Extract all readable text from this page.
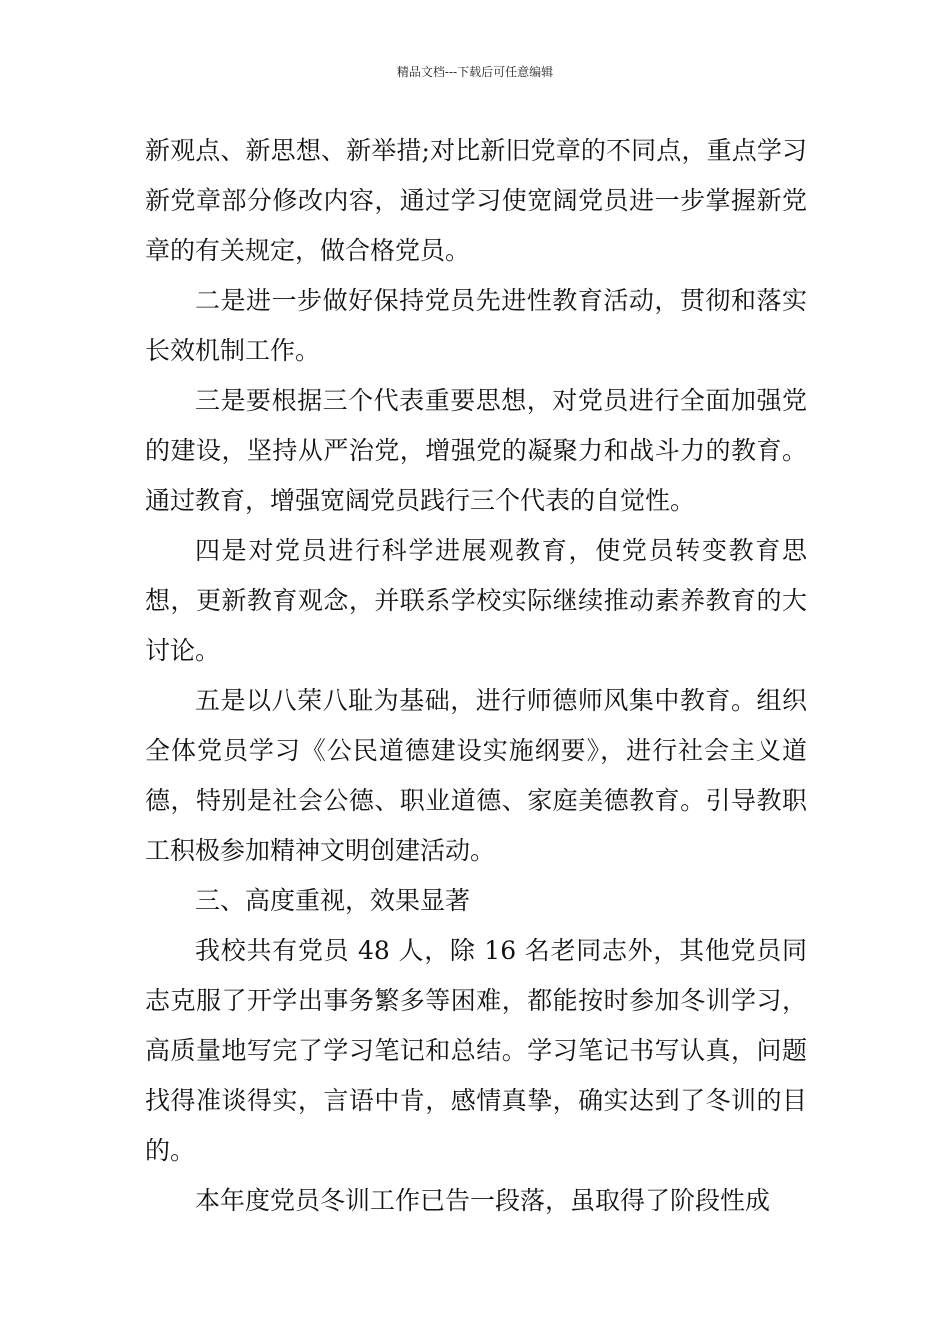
精品文档---下载后可任意编辑

新观点、新思想、新举措;对比新旧党章的不同点，重点学习新党章部分修改内容，通过学习使宽阔党员进一步掌握新党章的有关规定，做合格党员。

二是进一步做好保持党员先进性教育活动，贯彻和落实长效机制工作。

三是要根据三个代表重要思想，对党员进行全面加强党的建设，坚持从严治党，增强党的凝聚力和战斗力的教育。通过教育，增强宽阔党员践行三个代表的自觉性。

四是对党员进行科学进展观教育，使党员转变教育思想，更新教育观念，并联系学校实际继续推动素养教育的大讨论。

五是以八荣八耻为基础，进行师德师风集中教育。组织全体党员学习《公民道德建设实施纲要》，进行社会主义道德，特别是社会公德、职业道德、家庭美德教育。引导教职工积极参加精神文明创建活动。

三、高度重视，效果显著

我校共有党员 48 人，除 16 名老同志外，其他党员同志克服了开学出事务繁多等困难，都能按时参加冬训学习，高质量地写完了学习笔记和总结。学习笔记书写认真，问题找得准谈得实，言语中肯，感情真挚，确实达到了冬训的目的。

本年度党员冬训工作已告一段落，虽取得了阶段性成
